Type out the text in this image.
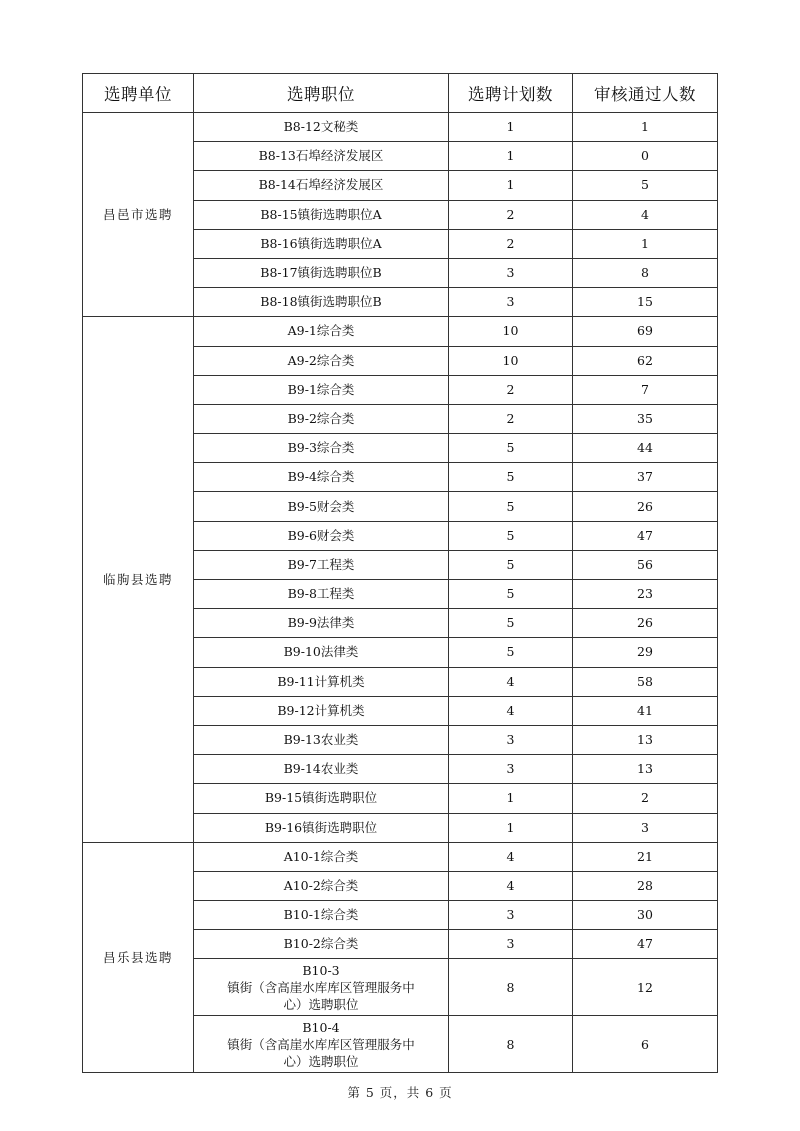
选聘单位	选聘职位	选聘计划数	审核通过人数
昌邑市选聘	B8-12文秘类	1	1
	B8-13石埠经济发展区	1	0
	B8-14石埠经济发展区	1	5
	B8-15镇街选聘职位A	2	4
	B8-16镇街选聘职位A	2	1
	B8-17镇街选聘职位B	3	8
	B8-18镇街选聘职位B	3	15
临朐县选聘	A9-1综合类	10	69
	A9-2综合类	10	62
	B9-1综合类	2	7
	B9-2综合类	2	35
	B9-3综合类	5	44
	B9-4综合类	5	37
	B9-5财会类	5	26
	B9-6财会类	5	47
	B9-7工程类	5	56
	B9-8工程类	5	23
	B9-9法律类	5	26
	B9-10法律类	5	29
	B9-11计算机类	4	58
	B9-12计算机类	4	41
	B9-13农业类	3	13
	B9-14农业类	3	13
	B9-15镇街选聘职位	1	2
	B9-16镇街选聘职位	1	3
昌乐县选聘	A10-1综合类	4	21
	A10-2综合类	4	28
	B10-1综合类	3	30
	B10-2综合类	3	47

	B10-3
镇街（含高崖水库库区管理服务中
心）选聘职位	8	12

	B10-4
镇街（含高崖水库库区管理服务中
心）选聘职位	8	6
第 5 页，共 6 页
